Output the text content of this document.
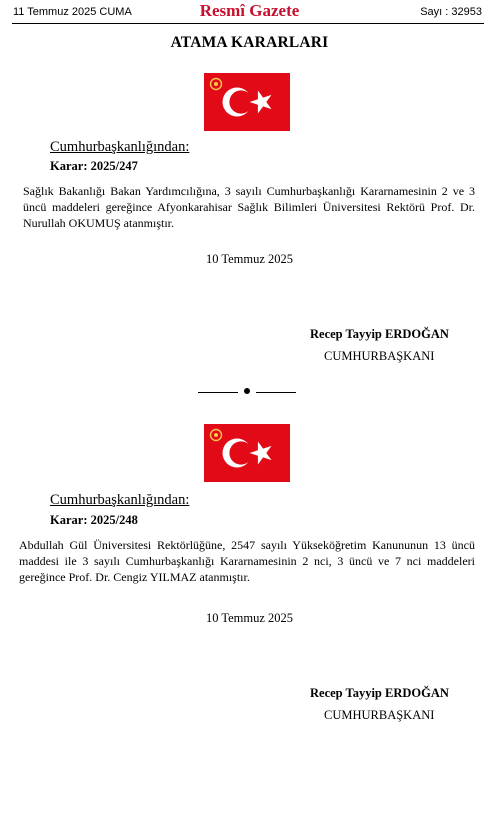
11 Temmuz 2025 CUMA	Resmî Gazete	Sayı : 32953
ATAMA KARARLARI
Cumhurbaşkanlığından:
Karar: 2025/247
Sağlık Bakanlığı Bakan Yardımcılığına, 3 sayılı Cumhurbaşkanlığı Kararnamesinin 2 ve 3 üncü maddeleri gereğince Afyonkarahisar Sağlık Bilimleri Üniversitesi Rektörü Prof. Dr. Nurullah OKUMUŞ atanmıştır.
10 Temmuz 2025
Recep Tayyip ERDOĞAN
CUMHURBAŞKANI
Cumhurbaşkanlığından:
Karar: 2025/248
Abdullah Gül Üniversitesi Rektörlüğüne, 2547 sayılı Yükseköğretim Kanununun 13 üncü maddesi ile 3 sayılı Cumhurbaşkanlığı Kararnamesinin 2 nci, 3 üncü ve 7 nci maddeleri gereğince Prof. Dr. Cengiz YILMAZ atanmıştır.
10 Temmuz 2025
Recep Tayyip ERDOĞAN
CUMHURBAŞKANI
